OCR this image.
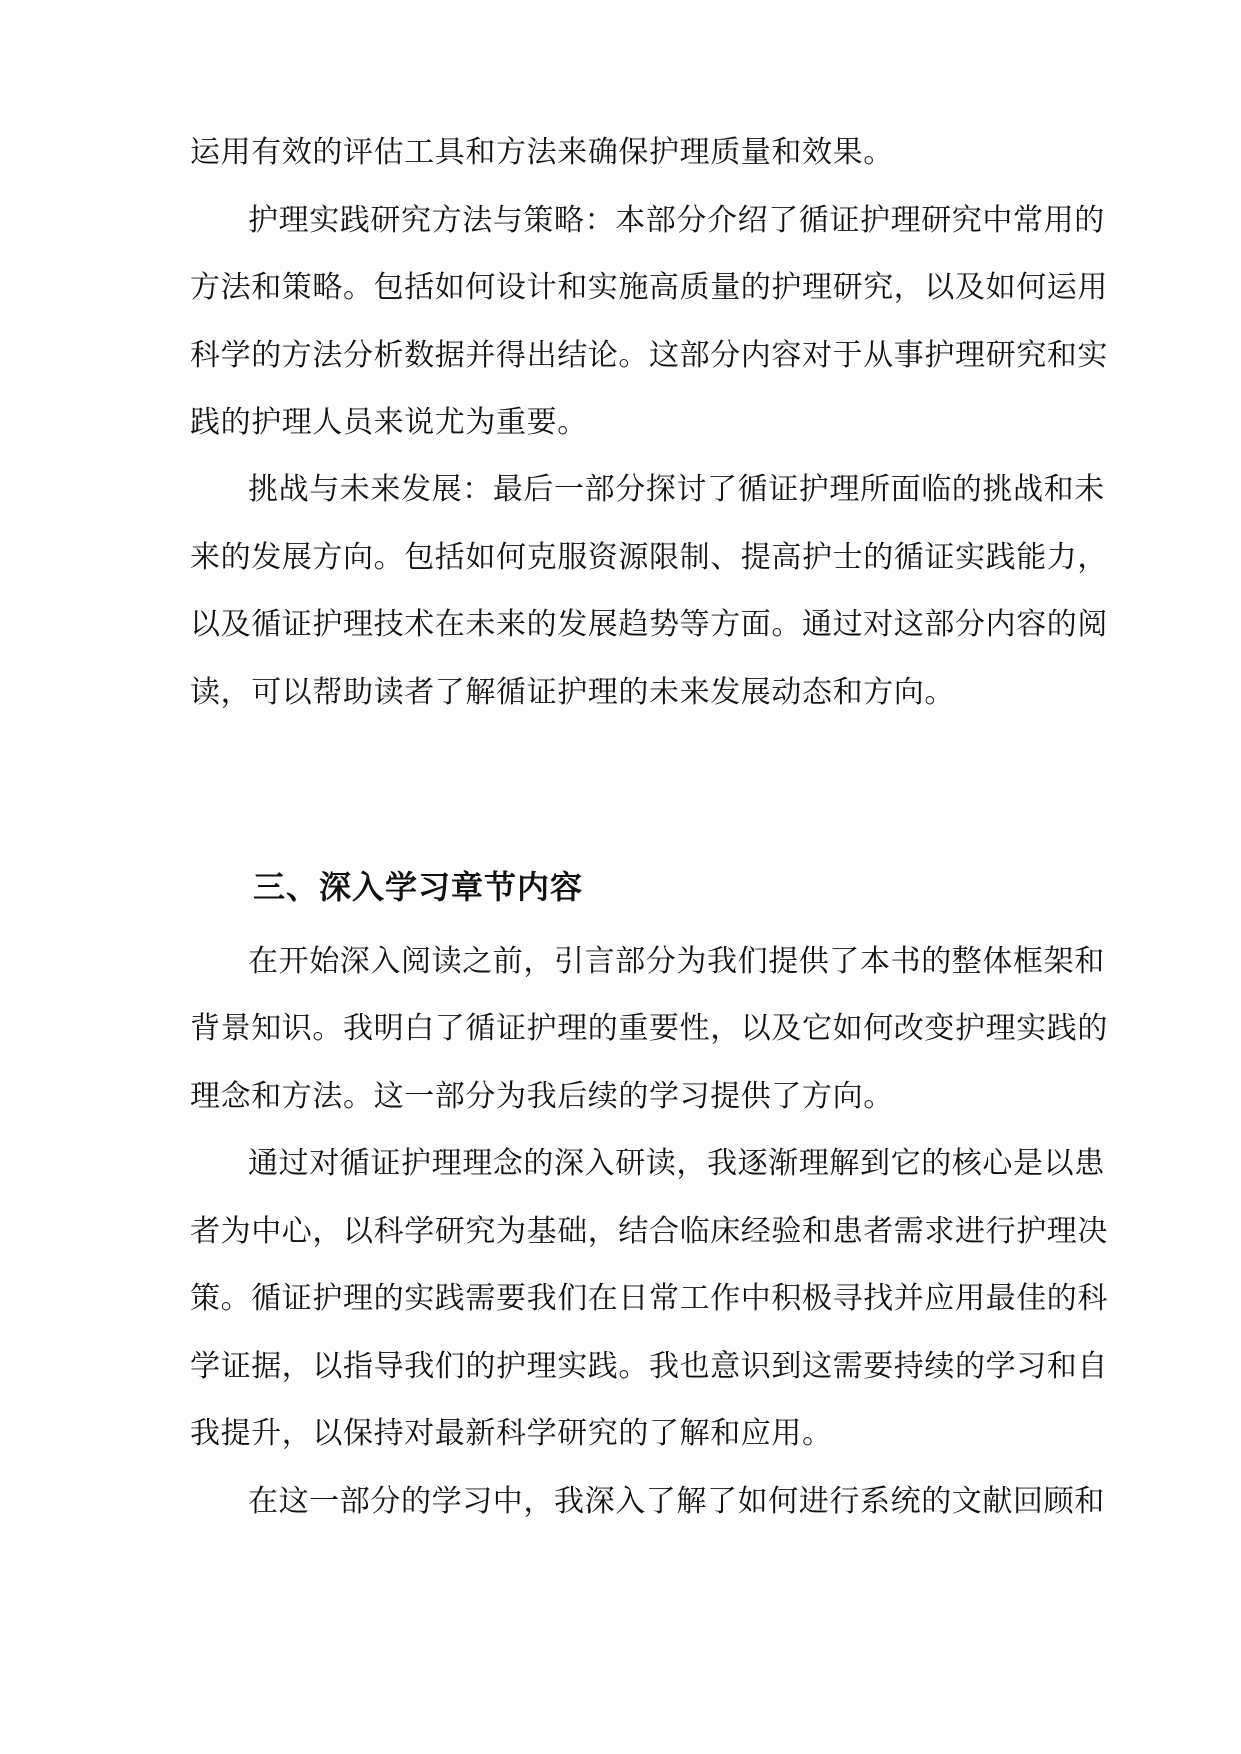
运用有效的评估工具和方法来确保护理质量和效果。
护理实践研究方法与策略：本部分介绍了循证护理研究中常用的
方法和策略。包括如何设计和实施高质量的护理研究，以及如何运用
科学的方法分析数据并得出结论。这部分内容对于从事护理研究和实
践的护理人员来说尤为重要。
挑战与未来发展：最后一部分探讨了循证护理所面临的挑战和未
来的发展方向。包括如何克服资源限制、提高护士的循证实践能力，
以及循证护理技术在未来的发展趋势等方面。通过对这部分内容的阅
读，可以帮助读者了解循证护理的未来发展动态和方向。
三、深入学习章节内容
在开始深入阅读之前，引言部分为我们提供了本书的整体框架和
背景知识。我明白了循证护理的重要性，以及它如何改变护理实践的
理念和方法。这一部分为我后续的学习提供了方向。
通过对循证护理理念的深入研读，我逐渐理解到它的核心是以患
者为中心，以科学研究为基础，结合临床经验和患者需求进行护理决
策。循证护理的实践需要我们在日常工作中积极寻找并应用最佳的科
学证据，以指导我们的护理实践。我也意识到这需要持续的学习和自
我提升，以保持对最新科学研究的了解和应用。
在这一部分的学习中，我深入了解了如何进行系统的文献回顾和
